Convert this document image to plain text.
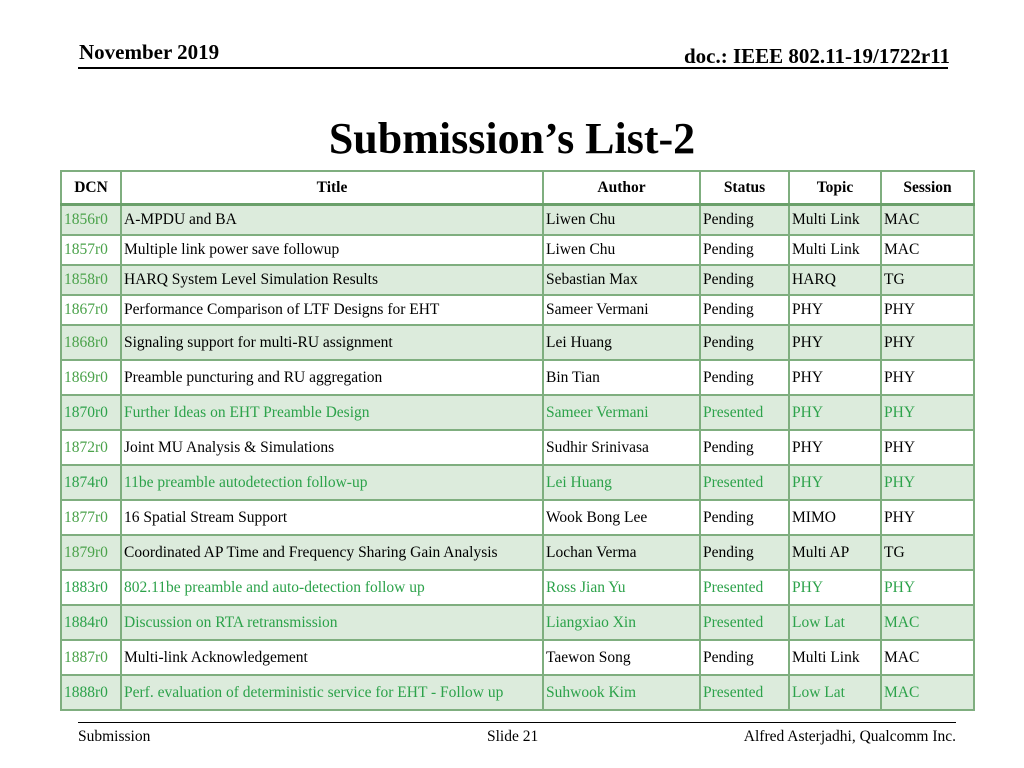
November 2019	doc.: IEEE 802.11-19/1722r11
Submission’s List-2
DCN	Title	Author	Status	Topic	Session
1856r0	A-MPDU and BA	Liwen Chu	Pending	Multi Link	MAC
1857r0	Multiple link power save followup	Liwen Chu	Pending	Multi Link	MAC
1858r0	HARQ System Level Simulation Results	Sebastian Max	Pending	HARQ	TG
1867r0	Performance Comparison of LTF Designs for EHT	Sameer Vermani	Pending	PHY	PHY
1868r0	Signaling support for multi-RU assignment	Lei Huang	Pending	PHY	PHY
1869r0	Preamble puncturing and RU aggregation	Bin Tian	Pending	PHY	PHY
1870r0	Further Ideas on EHT Preamble Design	Sameer Vermani	Presented	PHY	PHY
1872r0	Joint MU Analysis & Simulations	Sudhir Srinivasa	Pending	PHY	PHY
1874r0	11be preamble autodetection follow-up	Lei Huang	Presented	PHY	PHY
1877r0	16 Spatial Stream Support	Wook Bong Lee	Pending	MIMO	PHY
1879r0	Coordinated AP Time and Frequency Sharing Gain Analysis	Lochan Verma	Pending	Multi AP	TG
1883r0	802.11be preamble and auto-detection follow up	Ross Jian Yu	Presented	PHY	PHY
1884r0	Discussion on RTA retransmission	Liangxiao Xin	Presented	Low Lat	MAC
1887r0	Multi-link Acknowledgement	Taewon Song	Pending	Multi Link	MAC
1888r0	Perf. evaluation of deterministic service for EHT - Follow up	Suhwook Kim	Presented	Low Lat	MAC
Submission	Slide 21	Alfred Asterjadhi, Qualcomm Inc.
